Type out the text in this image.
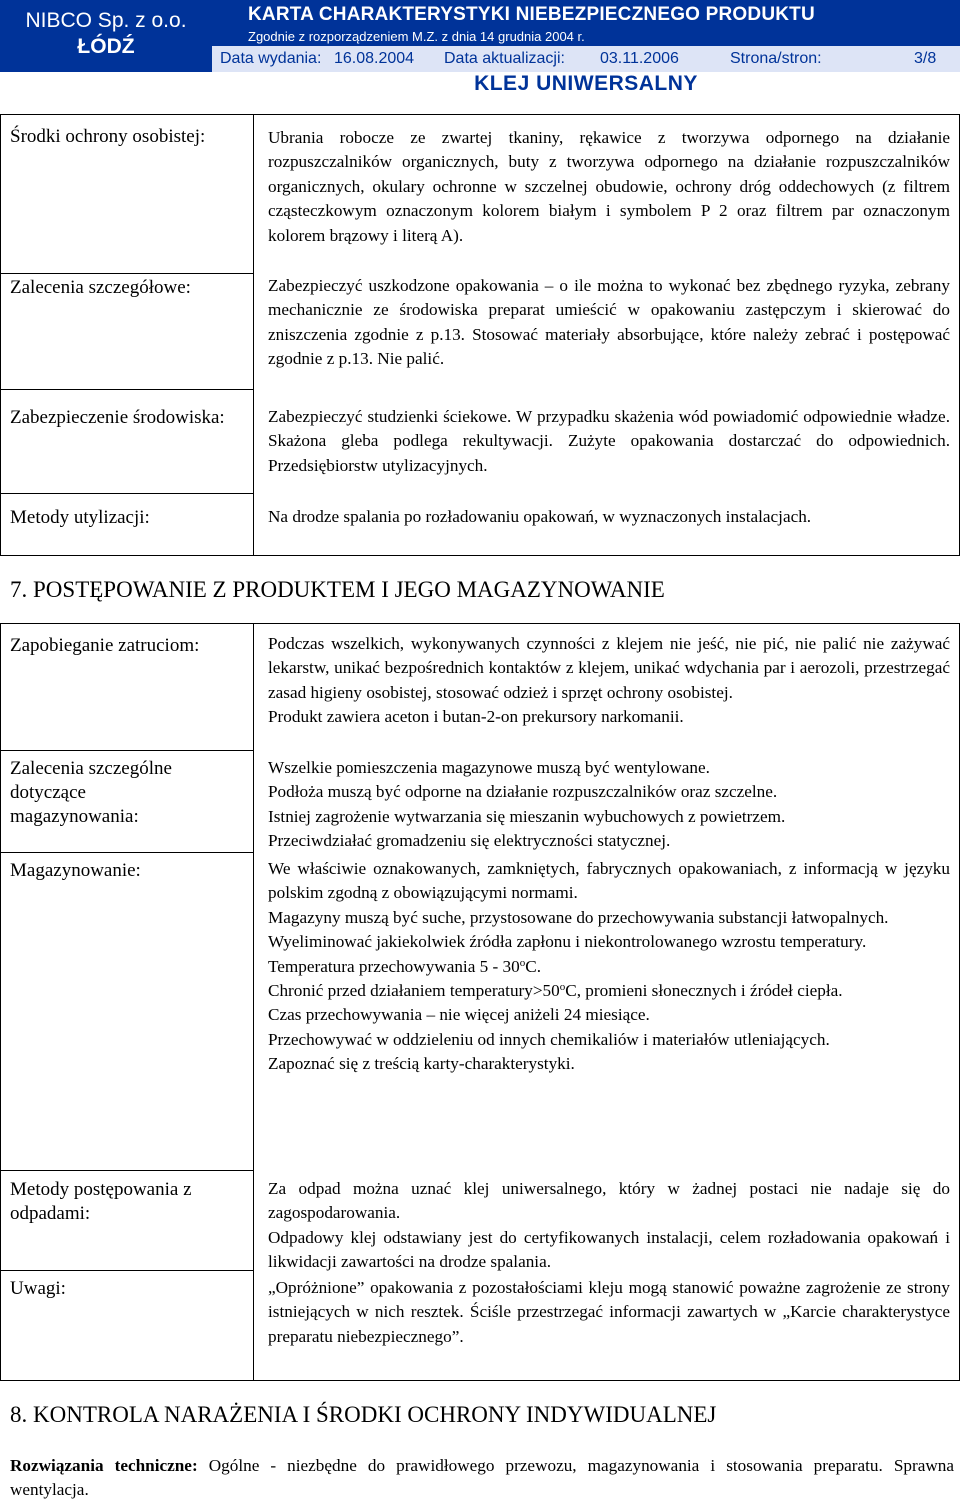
NIBCO Sp. z o.o.
ŁÓDŹ
KARTA CHARAKTERYSTYKI NIEBEZPIECZNEGO PRODUKTU
Zgodnie z rozporządzeniem M.Z. z dnia 14 grudnia 2004 r.
Data wydania: 16.08.2004 Data aktualizacji: 03.11.2006	Strona/stron:	3/8
KLEJ UNIWERSALNY
Środki ochrony osobistej:	Ubrania robocze ze zwartej tkaniny, rękawice z tworzywa odpornego na działanie rozpuszczalników organicznych, buty z tworzywa odpornego na działanie rozpuszczalników organicznych, okulary ochronne w szczelnej obudowie, ochrony dróg oddechowych (z filtrem cząsteczkowym oznaczonym kolorem białym i symbolem P 2 oraz filtrem par oznaczonym kolorem brązowy i literą A).
Zalecenia szczegółowe:	Zabezpieczyć uszkodzone opakowania – o ile można to wykonać bez zbędnego ryzyka, zebrany mechanicznie ze środowiska preparat umieścić w opakowaniu zastępczym i skierować do zniszczenia zgodnie z p.13. Stosować materiały absorbujące, które należy zebrać i postępować zgodnie z p.13. Nie palić.
Zabezpieczenie środowiska:	Zabezpieczyć studzienki ściekowe. W przypadku skażenia wód powiadomić odpowiednie władze. Skażona gleba podlega rekultywacji. Zużyte opakowania dostarczać do odpowiednich. Przedsiębiorstw utylizacyjnych.
Metody utylizacji:	Na drodze spalania po rozładowaniu opakowań, w wyznaczonych instalacjach.
7. POSTĘPOWANIE Z PRODUKTEM I JEGO MAGAZYNOWANIE
Zapobieganie zatruciom:	Podczas wszelkich, wykonywanych czynności z klejem nie jeść, nie pić, nie palić nie zażywać lekarstw, unikać bezpośrednich kontaktów z klejem, unikać wdychania par i aerozoli, przestrzegać zasad higieny osobistej, stosować odzież i sprzęt ochrony osobistej.
Produkt zawiera aceton i butan-2-on prekursory narkomanii.
Zalecenia szczególne dotyczące magazynowania:
Wszelkie pomieszczenia magazynowe muszą być wentylowane.
Podłoża muszą być odporne na działanie rozpuszczalników oraz szczelne.
Istniej zagrożenie wytwarzania się mieszanin wybuchowych z powietrzem.
Przeciwdziałać gromadzeniu się elektryczności statycznej.
Magazynowanie:	We właściwie oznakowanych, zamkniętych, fabrycznych opakowaniach, z informacją w języku polskim zgodną z obowiązującymi normami.
Magazyny muszą być suche, przystosowane do przechowywania substancji łatwopalnych.
Wyeliminować jakiekolwiek źródła zapłonu i niekontrolowanego wzrostu temperatury.
Temperatura przechowywania 5 - 30$^o$C.
Chronić przed działaniem $temperatury>50^oC$, promieni słonecznych i źródeł ciepła.
Czas przechowywania – nie więcej aniżeli 24 miesiące.
Przechowywać w oddzieleniu od innych chemikaliów i materiałów utleniających.
Zapoznać się z treścią karty-charakterystyki.
Metody postępowania z odpadami:
Za odpad można uznać klej uniwersalnego, który w żadnej postaci nie nadaje się do zagospodarowania.
Odpadowy klej odstawiany jest do certyfikowanych instalacji, celem rozładowania opakowań i likwidacji zawartości na drodze spalania.
Uwagi:	„Opróżnione” opakowania z pozostałościami kleju mogą stanowić poważne zagrożenie ze strony istniejących w nich resztek. Ściśle przestrzegać informacji zawartych w „Karcie charakterystyce preparatu niebezpiecznego”.
8. KONTROLA NARAŻENIA I ŚRODKI OCHRONY INDYWIDUALNEJ
Rozwiązania techniczne: Ogólne - niezbędne do prawidłowego przewozu, magazynowania i stosowania preparatu. Sprawna wentylacja.
